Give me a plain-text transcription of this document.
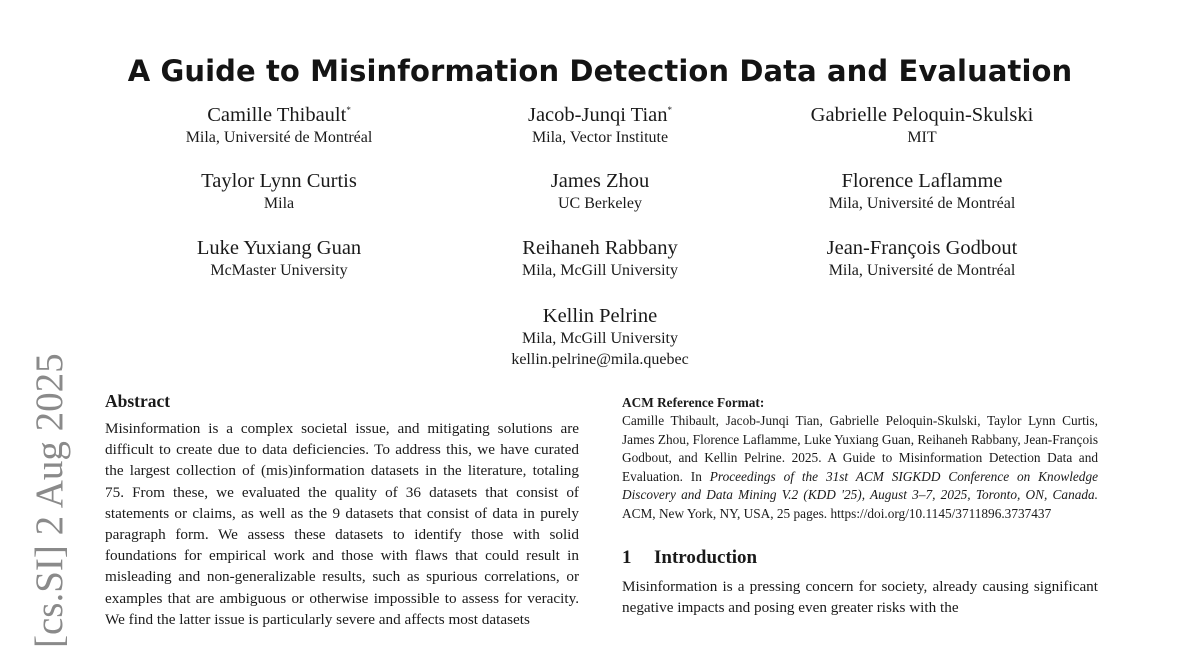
A Guide to Misinformation Detection Data and Evaluation
Camille Thibault*
Mila, Université de Montréal
Jacob-Junqi Tian*
Mila, Vector Institute
Gabrielle Peloquin-Skulski
MIT
Taylor Lynn Curtis
Mila
James Zhou
UC Berkeley
Florence Laflamme
Mila, Université de Montréal
Luke Yuxiang Guan
McMaster University
Reihaneh Rabbany
Mila, McGill University
Jean-François Godbout
Mila, Université de Montréal
Kellin Pelrine
Mila, McGill University
kellin.pelrine@mila.quebec
[cs.SI] 2 Aug 2025 Abstract
Misinformation is a complex societal issue, and mitigating solutions are difficult to create due to data deficiencies. To address this, we have curated the largest collection of (mis)information datasets in the literature, totaling 75. From these, we evaluated the quality of 36 datasets that consist of statements or claims, as well as the 9 datasets that consist of data in purely paragraph form. We assess these datasets to identify those with solid foundations for empirical work and those with flaws that could result in misleading and non-generalizable results, such as spurious correlations, or examples that are ambiguous or otherwise impossible to assess for veracity. We find the latter issue is particularly severe and affects most datasets
ACM Reference Format:
Camille Thibault, Jacob-Junqi Tian, Gabrielle Peloquin-Skulski, Taylor Lynn Curtis, James Zhou, Florence Laflamme, Luke Yuxiang Guan, Reihaneh Rabbany, Jean-François Godbout, and Kellin Pelrine. 2025. A Guide to Misinformation Detection Data and Evaluation. In Proceedings of the 31st ACM SIGKDD Conference on Knowledge Discovery and Data Mining V.2 (KDD '25), August 3–7, 2025, Toronto, ON, Canada. ACM, New York, NY, USA, 25 pages. https://doi.org/10.1145/3711896.3737437
1 Introduction
Misinformation is a pressing concern for society, already causing significant negative impacts and posing even greater risks with the
